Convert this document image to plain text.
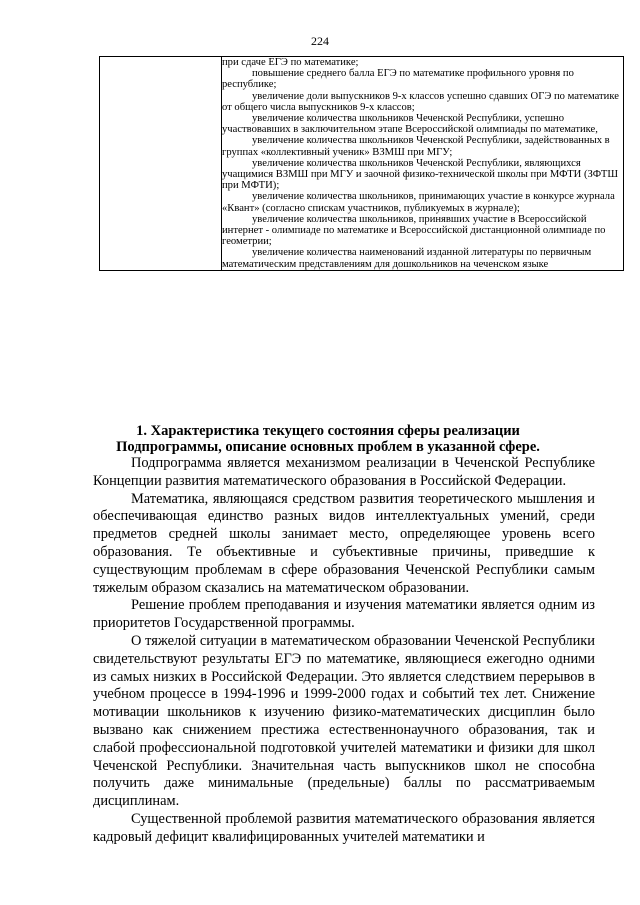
224

при сдаче ЕГЭ по математике;

повышение среднего балла ЕГЭ по математике профильного уровня по республике;

увеличение доли выпускников 9-х классов успешно сдавших ОГЭ по математике от общего числа выпускников 9-х классов;

увеличение количества школьников Чеченской Республики, успешно участвовавших в заключительном этапе Всероссийской олимпиады по математике,

увеличение количества школьников Чеченской Республики, задействованных в группах «коллективный ученик» ВЗМШ при МГУ;

увеличение количества школьников Чеченской Республики, являющихся учащимися ВЗМШ при МГУ и заочной физико-технической школы при МФТИ (ЗФТШ при МФТИ);

увеличение количества школьников, принимающих участие в конкурсе журнала «Квант» (согласно спискам участников, публикуемых в журнале);

увеличение количества школьников, принявших участие в Всероссийской интернет - олимпиаде по математике и Всероссийской дистанционной олимпиаде по геометрии;

увеличение количества наименований изданной литературы по первичным математическим представлениям для дошкольников на чеченском языке

1. Характеристика текущего состояния сферы реализации
Подпрограммы, описание основных проблем в указанной сфере.

Подпрограмма является механизмом реализации в Чеченской Республике Концепции развития математического образования в Российской Федерации.

Математика, являющаяся средством развития теоретического мышления и обеспечивающая единство разных видов интеллектуальных умений, среди предметов средней школы занимает место, определяющее уровень всего образования. Те объективные и субъективные причины, приведшие к существующим проблемам в сфере образования Чеченской Республики самым тяжелым образом сказались на математическом образовании.

Решение проблем преподавания и изучения математики является одним из приоритетов Государственной программы.

О тяжелой ситуации в математическом образовании Чеченской Республики свидетельствуют результаты ЕГЭ по математике, являющиеся ежегодно одними из самых низких в Российской Федерации. Это является следствием перерывов в учебном процессе в 1994-1996 и 1999-2000 годах и событий тех лет. Снижение мотивации школьников к изучению физико-математических дисциплин было вызвано как снижением престижа естественнонаучного образования, так и слабой профессиональной подготовкой учителей математики и физики для школ Чеченской Республики. Значительная часть выпускников школ не способна получить даже минимальные (предельные) баллы по рассматриваемым дисциплинам.

Существенной проблемой развития математического образования является кадровый дефицит квалифицированных учителей математики и
